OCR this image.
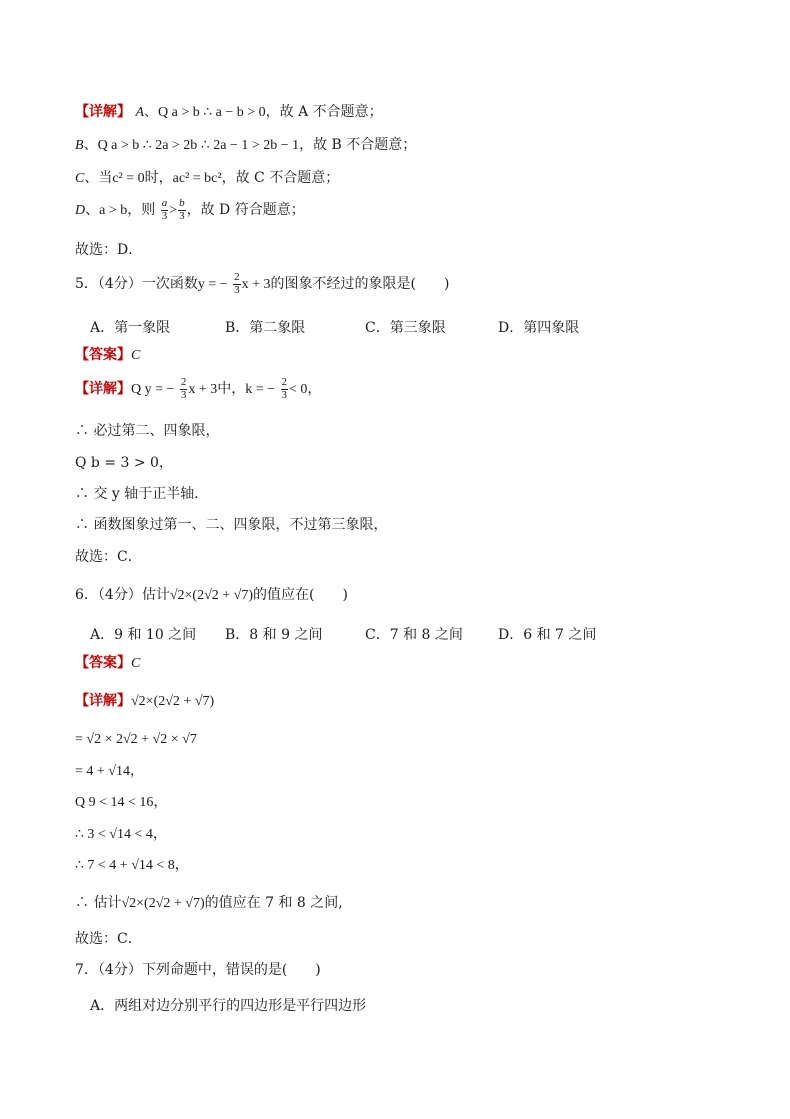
【详解】 A、Q a > b ∴ a − b > 0，故 A 不合题意；
B、Q a > b ∴ 2a > 2b ∴ 2a − 1 > 2b − 1，故 B 不合题意；
C、当c² = 0时，ac² = bc²，故 C 不合题意；
D、a > b，则 $\frac{a}{3} > \frac{b}{3}$ ，故 D 符合题意；
故选：D．
5．（4分）一次函数y = − $\frac{2}{3}$ x + 3的图象不经过的象限是(　　)
A．第一象限	B．第二象限	C．第三象限	D．第四象限
【答案】C
【详解】Q y = − $\frac{2}{3}$ x + 3中，k = − $\frac{2}{3} < 0$，
∴ 必过第二、四象限，
Q b = 3 > 0，
∴ 交 y 轴于正半轴．
∴ 函数图象过第一、二、四象限，不过第三象限，
故选：C．
6．（4分）估计√2×(2√2 + √7)的值应在(　　)
A．9 和 10 之间 B．8 和 9 之间	C．7 和 8 之间	D．6 和 7 之间
【答案】C
【详解】√2×(2√2 + √7)
= √2 × 2√2 + √2 × √7
= 4 + √14，
Q 9 < 14 < 16，
∴ 3 < √14 < 4，
∴ 7 < 4 + √14 < 8，
∴ 估计√2×(2√2 + √7)的值应在 7 和 8 之间,
故选：C．
7．（4分）下列命题中，错误的是(　　)
A．两组对边分别平行的四边形是平行四边形
